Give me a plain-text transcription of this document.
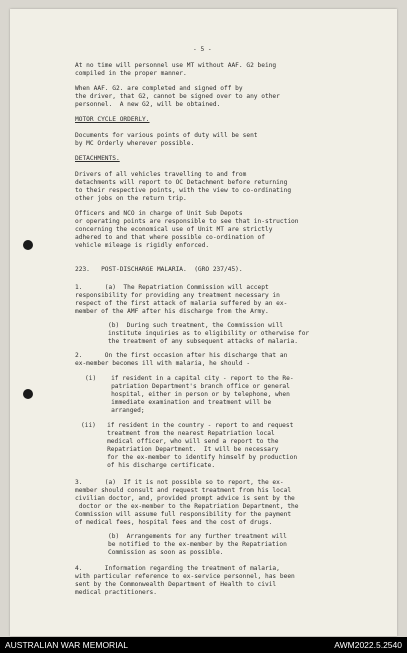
- 5 -

At no time will personnel use MT without AAF. G2 being
compiled in the proper manner.

When AAF. G2. are completed and signed off by
the driver, that G2, cannot be signed over to any other
personnel.  A new G2, will be obtained.

MOTOR CYCLE ORDERLY.

Documents for various points of duty will be sent
by MC Orderly wherever possible.

DETACHMENTS.

Drivers of all vehicles travelling to and from
detachments will report to OC Detachment before returning
to their respective points, with the view to co-ordinating
other jobs on the return trip.

Officers and NCO in charge of Unit Sub Depots
or operating points are responsible to see that in-struction
concerning the economical use of Unit MT are strictly
adhered to and that where possible co-ordination of
vehicle mileage is rigidly enforced.

223.   POST-DISCHARGE MALARIA.  (GRO 237/45).

1.      (a)  The Repatriation Commission will accept
responsibility for providing any treatment necessary in
respect of the first attack of malaria suffered by an ex-
member of the AMF after his discharge from the Army.

(b)  During such treatment, the Commission will
institute inquiries as to eligibility or otherwise for
the treatment of any subsequent attacks of malaria.

2.      On the first occasion after his discharge that an
ex-member becomes ill with malaria, he should -

(i)    if resident in a capital city - report to the Re-
patriation Department's branch office or general
hospital, either in person or by telephone, when
immediate examination and treatment will be
arranged;

(ii)   if resident in the country - report to and request
treatment from the nearest Repatriation local
medical officer, who will send a report to the
Repatriation Department.  It will be necessary
for the ex-member to identify himself by production
of his discharge certificate.

3.      (a)  If it is not possible so to report, the ex-
member should consult and request treatment from his local
civilian doctor, and, provided prompt advice is sent by the
doctor or the ex-member to the Repatriation Department, the
Commission will assume full responsibility for the payment
of medical fees, hospital fees and the cost of drugs.

(b)  Arrangements for any further treatment will
be notified to the ex-member by the Repatriation
Commission as soon as possible.

4.      Information regarding the treatment of malaria,
with particular reference to ex-service personnel, has been
sent by the Commonwealth Department of Health to civil
medical practitioners.

AUSTRALIAN WAR MEMORIAL	AWM2022.5.2540
